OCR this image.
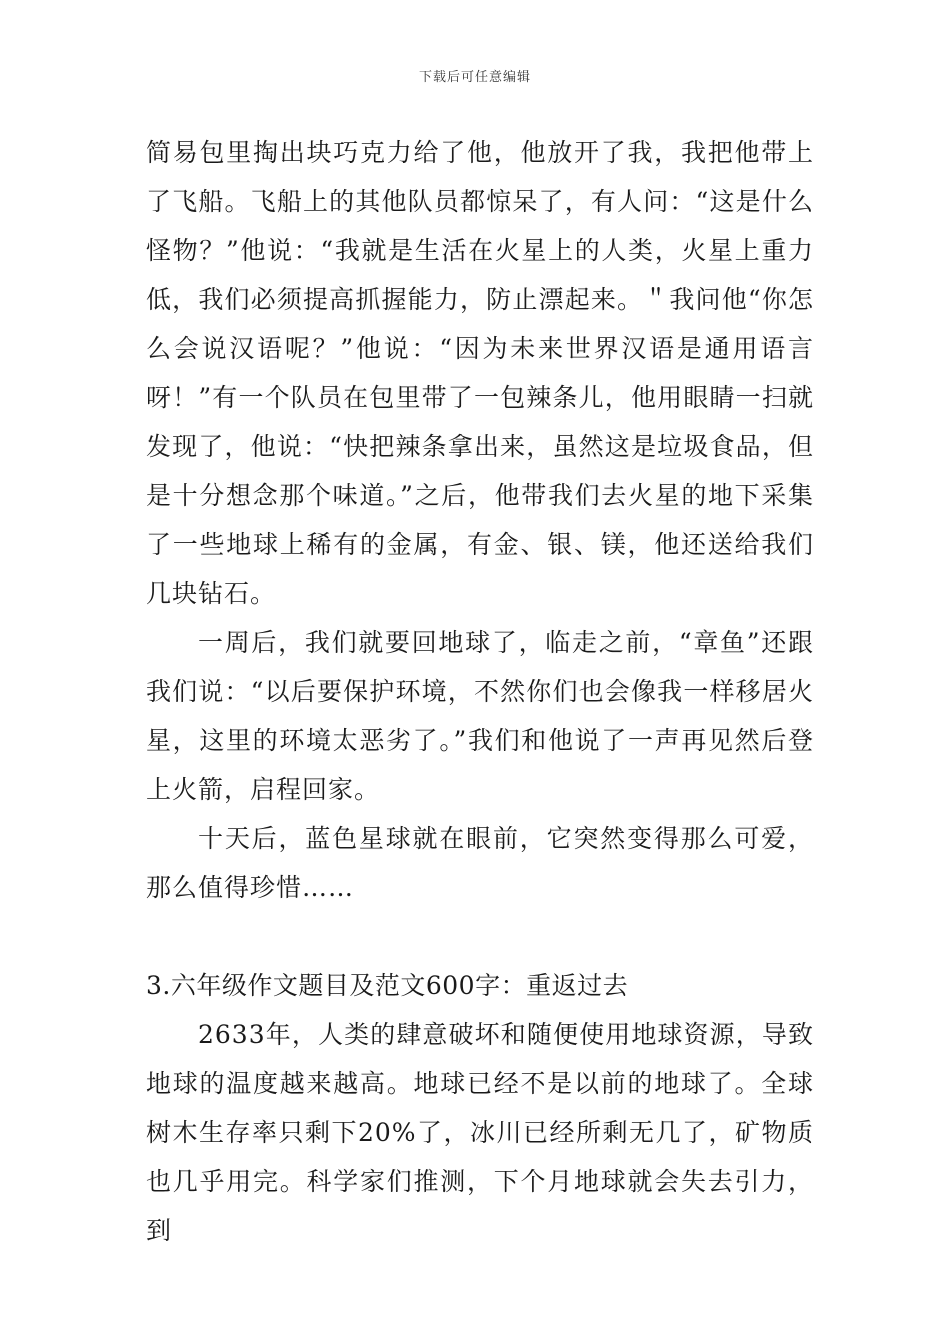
下载后可任意编辑

简易包里掏出块巧克力给了他，他放开了我，我把他带上了飞船。飞船上的其他队员都惊呆了，有人问：“这是什么怪物？”他说：“我就是生活在火星上的人类，火星上重力低，我们必须提高抓握能力，防止漂起来。＂我问他“你怎么会说汉语呢？”他说：“因为未来世界汉语是通用语言呀！”有一个队员在包里带了一包辣条儿，他用眼睛一扫就发现了，他说：“快把辣条拿出来，虽然这是垃圾食品，但是十分想念那个味道。”之后，他带我们去火星的地下采集了一些地球上稀有的金属，有金、银、镁，他还送给我们几块钻石。

一周后，我们就要回地球了，临走之前，“章鱼”还跟我们说：“以后要保护环境，不然你们也会像我一样移居火星，这里的环境太恶劣了。”我们和他说了一声再见然后登上火箭，启程回家。

十天后，蓝色星球就在眼前，它突然变得那么可爱，那么值得珍惜……

3.六年级作文题目及范文600字：重返过去

2633年，人类的肆意破坏和随便使用地球资源，导致地球的温度越来越高。地球已经不是以前的地球了。全球树木生存率只剩下20%了，冰川已经所剩无几了，矿物质也几乎用完。科学家们推测，下个月地球就会失去引力，到
